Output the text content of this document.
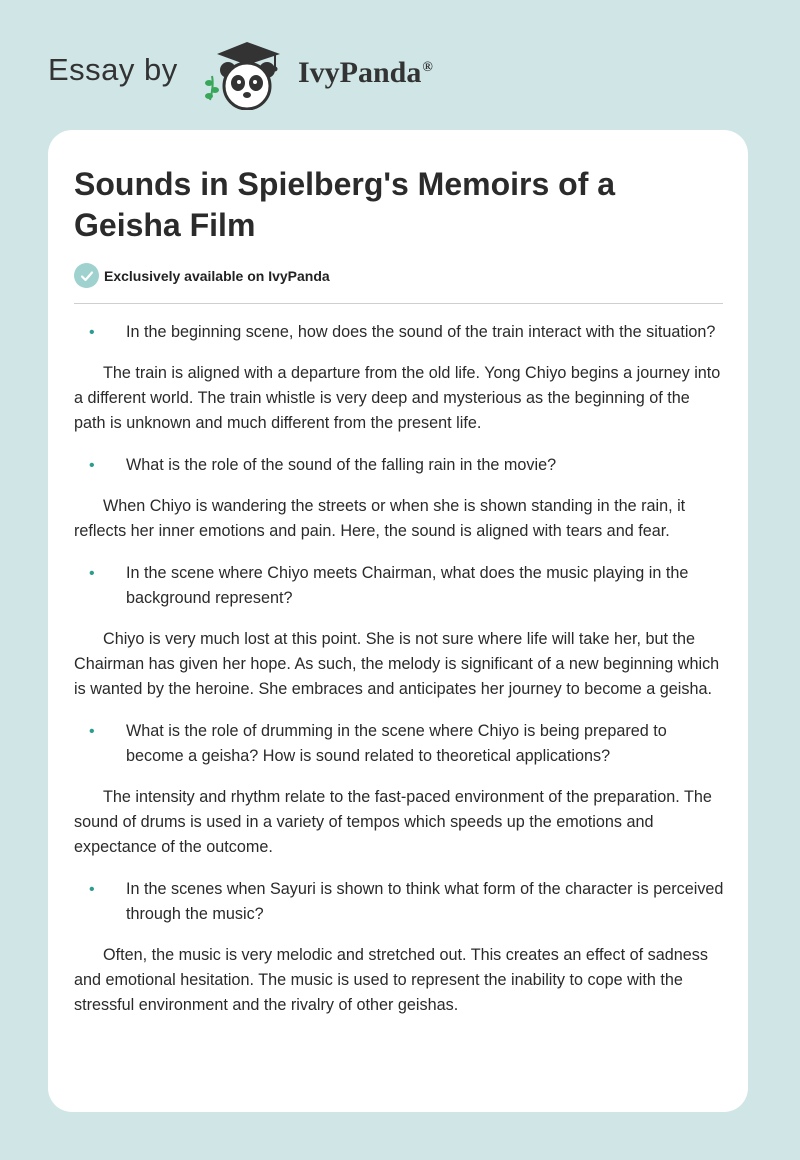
Essay by	IvyPanda®
Sounds in Spielberg's Memoirs of a Geisha Film
Exclusively available on IvyPanda
• In the beginning scene, how does the sound of the train interact with the situation?

The train is aligned with a departure from the old life. Yong Chiyo begins a journey into a different world. The train whistle is very deep and mysterious as the beginning of the path is unknown and much different from the present life.

• What is the role of the sound of the falling rain in the movie?

When Chiyo is wandering the streets or when she is shown standing in the rain, it reflects her inner emotions and pain. Here, the sound is aligned with tears and fear.

• In the scene where Chiyo meets Chairman, what does the music playing in the background represent?

Chiyo is very much lost at this point. She is not sure where life will take her, but the Chairman has given her hope. As such, the melody is significant of a new beginning which is wanted by the heroine. She embraces and anticipates her journey to become a geisha.

• What is the role of drumming in the scene where Chiyo is being prepared to become a geisha? How is sound related to theoretical applications?

The intensity and rhythm relate to the fast-paced environment of the preparation. The sound of drums is used in a variety of tempos which speeds up the emotions and expectance of the outcome.

• In the scenes when Sayuri is shown to think what form of the character is perceived through the music?

Often, the music is very melodic and stretched out. This creates an effect of sadness and emotional hesitation. The music is used to represent the inability to cope with the stressful environment and the rivalry of other geishas.
